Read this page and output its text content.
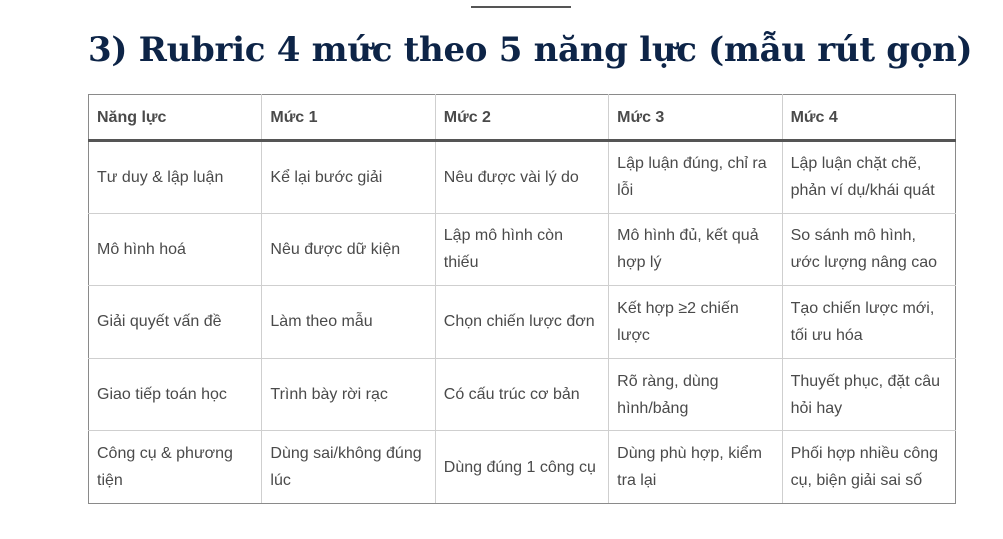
3) Rubric 4 mức theo 5 năng lực (mẫu rút gọn)
Năng lực	Mức 1	Mức 2	Mức 3	Mức 4
Tư duy & lập luận	Kể lại bước giải	Nêu được vài lý do	Lập luận đúng, chỉ ra lỗi	Lập luận chặt chẽ, phản ví dụ/khái quát
Mô hình hoá	Nêu được dữ kiện	Lập mô hình còn thiếu	Mô hình đủ, kết quả hợp lý	So sánh mô hình, ước lượng nâng cao
Giải quyết vấn đề	Làm theo mẫu	Chọn chiến lược đơn	Kết hợp ≥2 chiến lược	Tạo chiến lược mới, tối ưu hóa
Giao tiếp toán học	Trình bày rời rạc	Có cấu trúc cơ bản	Rõ ràng, dùng hình/bảng	Thuyết phục, đặt câu hỏi hay
Công cụ & phương tiện	Dùng sai/không đúng lúc	Dùng đúng 1 công cụ	Dùng phù hợp, kiểm tra lại	Phối hợp nhiều công cụ, biện giải sai số
